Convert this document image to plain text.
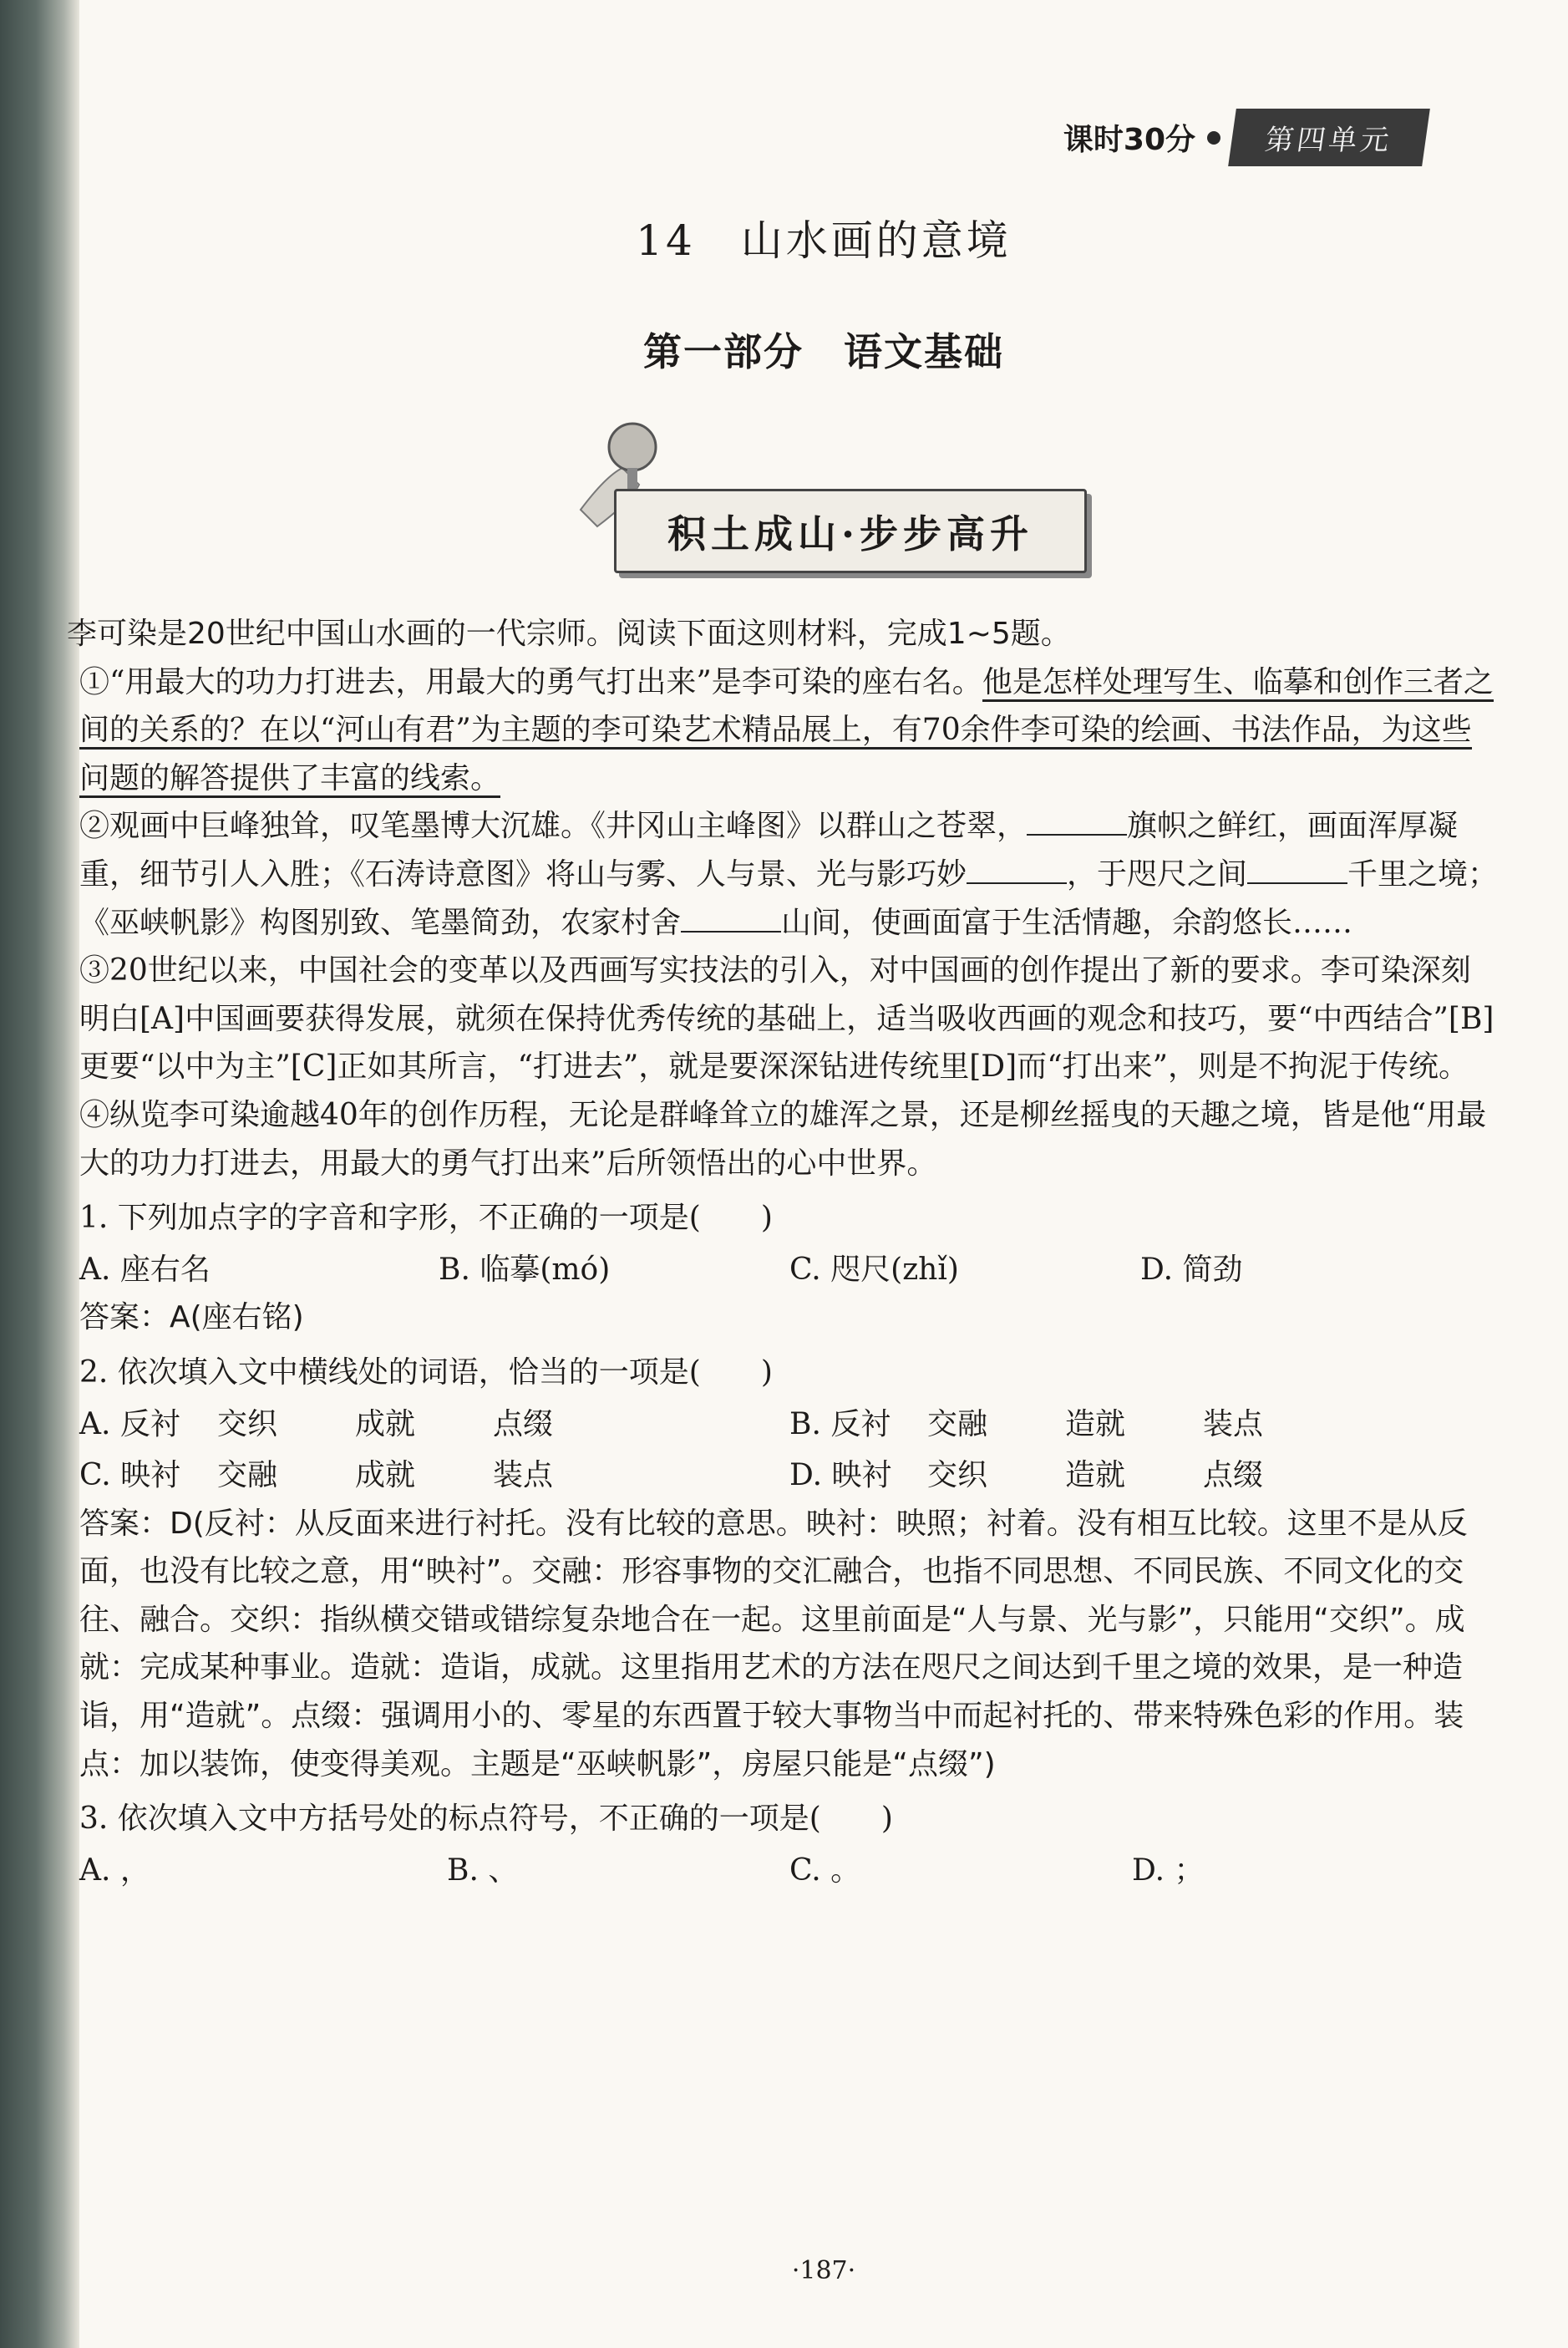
课时30分	第四单元
14　山水画的意境
第一部分　语文基础
积土成山·步步高升

李可染是20世纪中国山水画的一代宗师。阅读下面这则材料，完成1~5题。

①“用最大的功力打进去，用最大的勇气打出来”是李可染的座右名。他是怎样处理写生、临摹和创作三者之间的关系的？在以“河山有君”为主题的李可染艺术精品展上，有70余件李可染的绘画、书法作品，为这些问题的解答提供了丰富的线索。

②观画中巨峰独耸，叹笔墨博大沉雄。《井冈山主峰图》以群山之苍翠，	旗帜之鲜红，画面浑厚凝重，细节引人入胜；《石涛诗意图》将山与雾、人与景、光与影巧妙	，于咫尺之间	千里之境；《巫峡帆影》构图别致、笔墨简劲，农家村舍	山间，使画面富于生活情趣，余韵悠长……

③20世纪以来，中国社会的变革以及西画写实技法的引入，对中国画的创作提出了新的要求。李可染深刻明白[A]中国画要获得发展，就须在保持优秀传统的基础上，适当吸收西画的观念和技巧，要“中西结合”[B]更要“以中为主”[C]正如其所言，“打进去”，就是要深深钻进传统里[D]而“打出来”，则是不拘泥于传统。

④纵览李可染逾越40年的创作历程，无论是群峰耸立的雄浑之景，还是柳丝摇曳的天趣之境，皆是他“用最大的功力打进去，用最大的勇气打出来”后所领悟出的心中世界。

1. 下列加点字的字音和字形，不正确的一项是(　　)
A. 座右名	B. 临摹(mó)	C. 咫尺(zhǐ)	D. 简劲
答案：A(座右铭)
2. 依次填入文中横线处的词语，恰当的一项是(　　)
A. 反衬	交织	成就	点缀	B. 反衬	交融	造就	装点
C. 映衬	交融	成就	装点	D. 映衬	交织	造就	点缀
答案：D(反衬：从反面来进行衬托。没有比较的意思。映衬：映照；衬着。没有相互比较。这里不是从反面，也没有比较之意，用“映衬”。交融：形容事物的交汇融合，也指不同思想、不同民族、不同文化的交往、融合。交织：指纵横交错或错综复杂地合在一起。这里前面是“人与景、光与影”，只能用“交织”。成就：完成某种事业。造就：造诣，成就。这里指用艺术的方法在咫尺之间达到千里之境的效果，是一种造诣，用“造就”。点缀：强调用小的、零星的东西置于较大事物当中而起衬托的、带来特殊色彩的作用。装点：加以装饰，使变得美观。主题是“巫峡帆影”，房屋只能是“点缀”)
3. 依次填入文中方括号处的标点符号，不正确的一项是(　　)
A. ，	B. 、	C. 。	D. ；
·187·
